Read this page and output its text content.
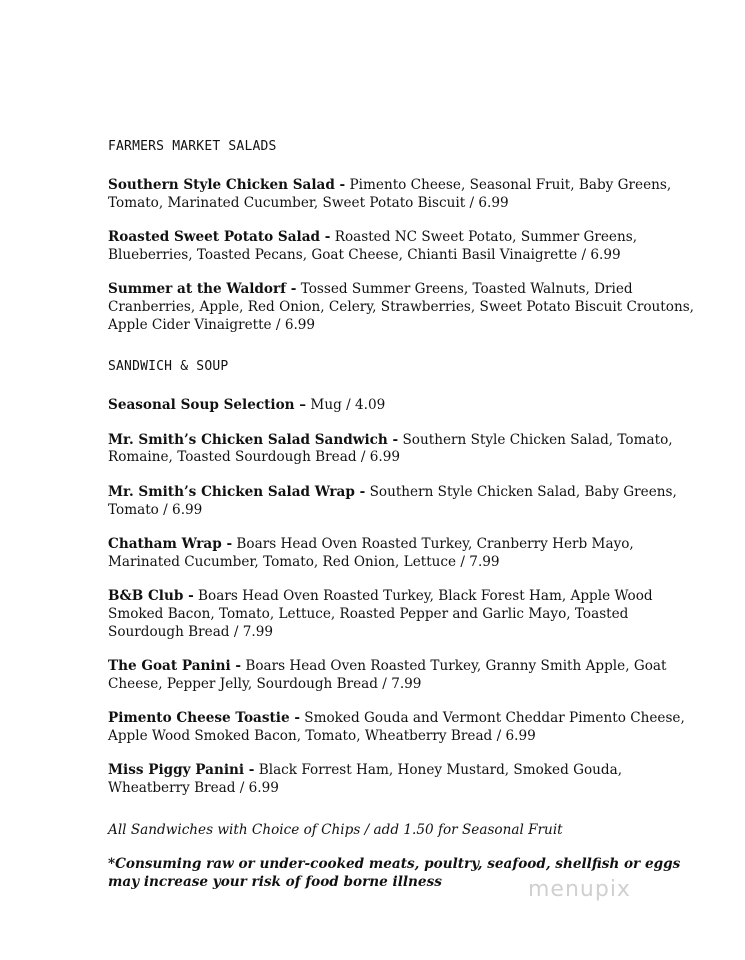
FARMERS MARKET SALADS

Southern Style Chicken Salad - Pimento Cheese, Seasonal Fruit, Baby Greens, Tomato, Marinated Cucumber, Sweet Potato Biscuit / 6.99

Roasted Sweet Potato Salad - Roasted NC Sweet Potato, Summer Greens, Blueberries, Toasted Pecans, Goat Cheese, Chianti Basil Vinaigrette / 6.99

Summer at the Waldorf - Tossed Summer Greens, Toasted Walnuts, Dried Cranberries, Apple, Red Onion, Celery, Strawberries, Sweet Potato Biscuit Croutons, Apple Cider Vinaigrette / 6.99

SANDWICH & SOUP

Seasonal Soup Selection – Mug / 4.09

Mr. Smith’s Chicken Salad Sandwich - Southern Style Chicken Salad, Tomato, Romaine, Toasted Sourdough Bread / 6.99

Mr. Smith’s Chicken Salad Wrap - Southern Style Chicken Salad, Baby Greens, Tomato / 6.99

Chatham Wrap - Boars Head Oven Roasted Turkey, Cranberry Herb Mayo, Marinated Cucumber, Tomato, Red Onion, Lettuce / 7.99

B&B Club - Boars Head Oven Roasted Turkey, Black Forest Ham, Apple Wood Smoked Bacon, Tomato, Lettuce, Roasted Pepper and Garlic Mayo, Toasted Sourdough Bread / 7.99

The Goat Panini - Boars Head Oven Roasted Turkey, Granny Smith Apple, Goat Cheese, Pepper Jelly, Sourdough Bread / 7.99

Pimento Cheese Toastie - Smoked Gouda and Vermont Cheddar Pimento Cheese, Apple Wood Smoked Bacon, Tomato, Wheatberry Bread / 6.99

Miss Piggy Panini - Black Forrest Ham, Honey Mustard, Smoked Gouda, Wheatberry Bread / 6.99

All Sandwiches with Choice of Chips / add 1.50 for Seasonal Fruit

*Consuming raw or under-cooked meats, poultry, seafood, shellfish or eggs may increase your risk of food borne illness	menupix
